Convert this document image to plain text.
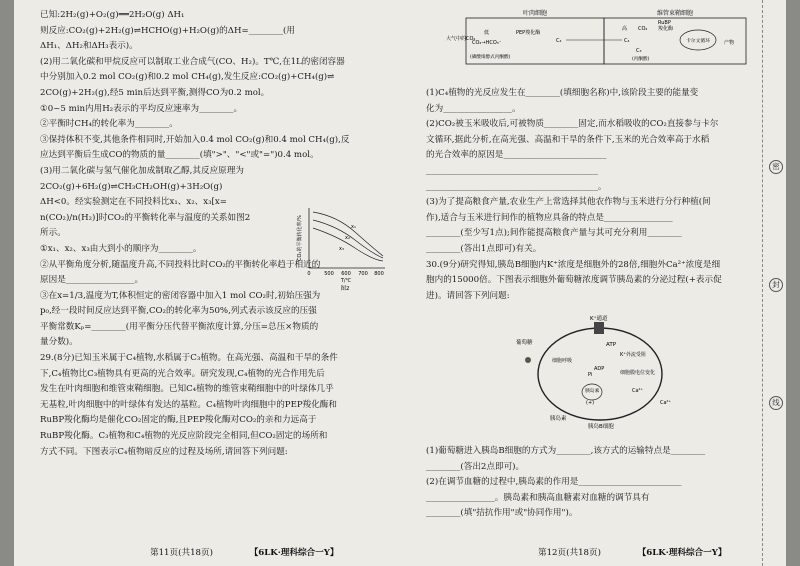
已知:2H₂(g)+O₂(g)══2H₂O(g) ΔH₁

则反应:CO₂(g)+2H₂(g)⇌HCHO(g)+H₂O(g)的ΔH=________(用

ΔH₁、ΔH₂和ΔH₃表示)。

(2)用二氧化碳和甲烷反应可以制取工业合成气(CO、H₂)。T℃,在1L的密闭容器

中分别加入0.2 mol CO₂(g)和0.2 mol CH₄(g),发生反应:CO₂(g)+CH₄(g)⇌

2CO(g)+2H₂(g),经5 min后达到平衡,测得CO为0.2 mol。

①0~5 min内用H₂表示的平均反应速率为________。

②平衡时CH₄的转化率为________。

③保持体积不变,其他条件相同时,开始加入0.4 mol CO₂(g)和0.4 mol CH₄(g),反

应达到平衡后生成CO的物质的量________(填">"、"<"或"=")0.4 mol。

(3)用二氧化碳与氢气催化加成制取乙醇,其反应原理为

2CO₂(g)+6H₂(g)⇌CH₃CH₂OH(g)+3H₂O(g)

ΔH<0。经实验测定在不同投料比x₁、x₂、x₃[x=

n(CO₂)/n(H₂)]时CO₂的平衡转化率与温度的关系如图2

所示。

①x₁、x₂、x₃由大到小的顺序为________。

②从平衡角度分析,随温度升高,不同投料比时CO₂的平衡转化率趋于相近的

原因是________________。

③在x=1/3,温度为T,体积恒定的密闭容器中加入1 mol CO₂时,初始压强为

p₀,经一段时间反应达到平衡,CO₂的转化率为50%,列式表示该反应的压强

平衡常数Kₚ=________(用平衡分压代替平衡浓度计算,分压=总压×物质的

量分数)。

29.(8分)已知玉米属于C₄植物,水稻属于C₃植物。在高光强、高温和干旱的条件

下,C₄植物比C₃植物具有更高的光合效率。研究发现,C₄植物的光合作用先后

发生在叶肉细胞和维管束鞘细胞。已知C₄植物的维管束鞘细胞中的叶绿体几乎

无基粒,叶肉细胞中的叶绿体有发达的基粒。C₄植物叶肉细胞中的PEP羧化酶和

RuBP羧化酶均是催化CO₂固定的酶,且PEP羧化酶对CO₂的亲和力远高于

RuBP羧化酶。C₃植物和C₄植物的光反应阶段完全相同,但CO₂固定的场所和

方式不同。下图表示C₄植物暗反应的过程及场所,请回答下列问题:

CO₂的平衡转化率/%
0	500 600 700 800
T/℃
x₁
x₂
x₃
图2
第11页(共18页)	【6LK·理科综合一Y】
叶肉细胞	维管束鞘细胞
大气中的CO₂
低
CO₂→HCO₃⁻
PEP羧化酶
(磷酸烯醇式丙酮酸)
C₄	C₄
高 CO₂
RuBP
羧化酶
C₃
(丙酮酸)
卡尔文循环	产物

(1)C₄植物的光反应发生在________(填细胞名称)中,该阶段主要的能量变

化为________________。

(2)CO₂被玉米吸收后,可被物质________固定,而水稻吸收的CO₂直接参与卡尔

文循环,据此分析,在高光强、高温和干旱的条件下,玉米的光合效率高于水稻

的光合效率的原因是________________________

________________________________________

________________________________________。

(3)为了提高粮食产量,农业生产上常选择其他农作物与玉米进行分行种植(间

作),适合与玉米进行间作的植物应具备的特点是________________

________(至少写1点);间作能提高粮食产量与其可充分利用________

________(答出1点即可)有关。

30.(9分)研究得知,胰岛B细胞内K⁺浓度是细胞外的28倍,细胞外Ca²⁺浓度是细

胞内的15000倍。下图表示细胞外葡萄糖浓度调节胰岛素的分泌过程(+表示促

进)。请回答下列问题:

K⁺通道
葡萄糖	ATP
细胞呼吸
ADP
Pi
K⁺外流受阻
细胞膜电位变化
胰岛素
(+)
Ca²⁺
Ca²⁺
胰岛素
胰岛B细胞

(1)葡萄糖进入胰岛B细胞的方式为________,该方式的运输特点是________

________(答出2点即可)。

(2)在调节血糖的过程中,胰岛素的作用是________________________

________________。胰岛素和胰高血糖素对血糖的调节具有

________(填"拮抗作用"或"协同作用")。

第12页(共18页)	【6LK·理科综合一Y】
密
封
线
